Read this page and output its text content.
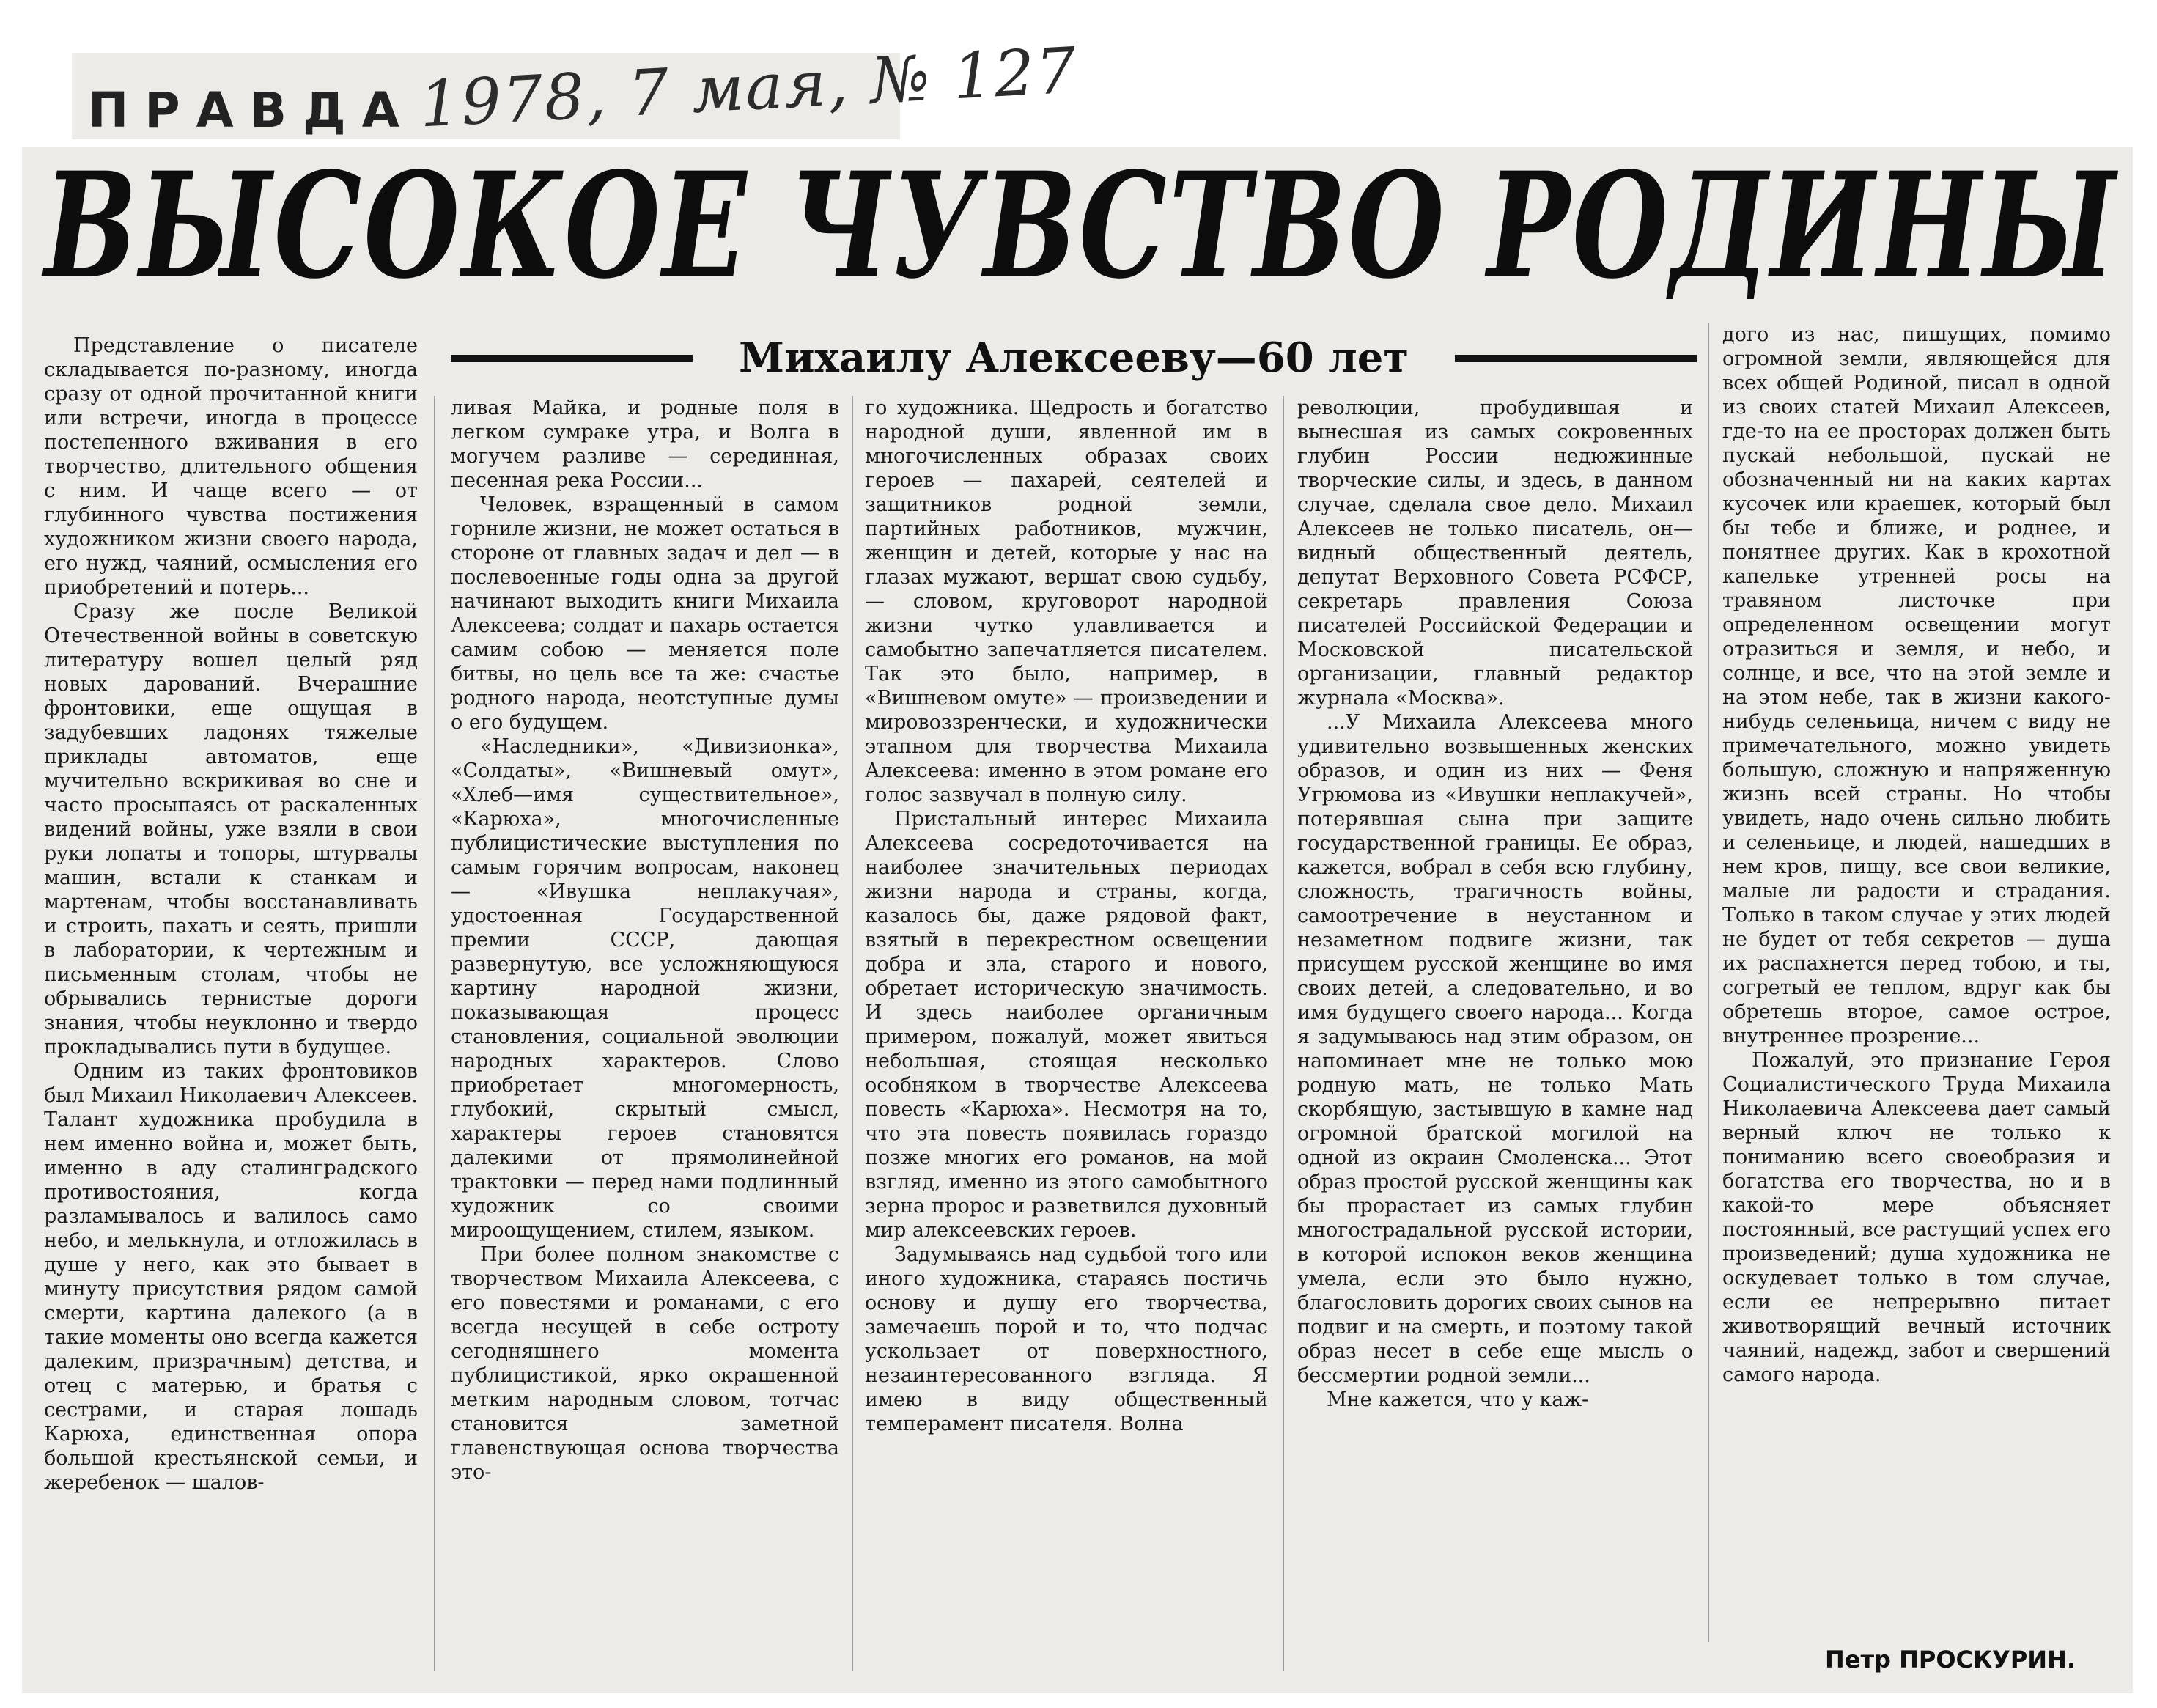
ПРАВДА 1978, 7 мая, № 127
ВЫСОКОЕ ЧУВСТВО РОДИНЫ
Михаилу Алексееву—60 лет

Представление о писателе складывается по-разному, иногда сразу от одной прочитанной книги или встречи, иногда в процессе постепенного вживания в его творчество, длительного общения с ним. И чаще всего — от глубинного чувства постижения художником жизни своего народа, его нужд, чаяний, осмысления его приобретений и потерь...

Сразу же после Великой Отечественной войны в советскую литературу вошел целый ряд новых дарований. Вчерашние фронтовики, еще ощущая в задубевших ладонях тяжелые приклады автоматов, еще мучительно вскрикивая во сне и часто просыпаясь от раскаленных видений войны, уже взяли в свои руки лопаты и топоры, штурвалы машин, встали к станкам и мартенам, чтобы восстанавливать и строить, пахать и сеять, пришли в лаборатории, к чертежным и письменным столам, чтобы не обрывались тернистые дороги знания, чтобы неуклонно и твердо прокладывались пути в будущее.

Одним из таких фронтовиков был Михаил Николаевич Алексеев. Талант художника пробудила в нем именно война и, может быть, именно в аду сталинградского противостояния, когда разламывалось и валилось само небо, и мелькнула, и отложилась в душе у него, как это бывает в минуту присутствия рядом самой смерти, картина далекого (а в такие моменты оно всегда кажется далеким, призрачным) детства, и отец с матерью, и братья с сестрами, и старая лошадь Карюха, единственная опора большой крестьянской семьи, и жеребенок — шалов-

ливая Майка, и родные поля в легком сумраке утра, и Волга в могучем разливе — серединная, песенная река России...

Человек, взращенный в самом горниле жизни, не может остаться в стороне от главных задач и дел — в послевоенные годы одна за другой начинают выходить книги Михаила Алексеева; солдат и пахарь остается самим собою — меняется поле битвы, но цель все та же: счастье родного народа, неотступные думы о его будущем.

«Наследники», «Дивизионка», «Солдаты», «Вишневый омут», «Хлеб—имя существительное», «Карюха», многочисленные публицистические выступления по самым горячим вопросам, наконец — «Ивушка неплакучая», удостоенная Государственной премии СССР, дающая развернутую, все усложняющуюся картину народной жизни, показывающая процесс становления, социальной эволюции народных характеров. Слово приобретает многомерность, глубокий, скрытый смысл, характеры героев становятся далекими от прямолинейной трактовки — перед нами подлинный художник со своими мироощущением, стилем, языком.

При более полном знакомстве с творчеством Михаила Алексеева, с его повестями и романами, с его всегда несущей в себе остроту сегодняшнего момента публицистикой, ярко окрашенной метким народным словом, тотчас становится заметной главенствующая основа творчества это-

го художника. Щедрость и богатство народной души, явленной им в многочисленных образах своих героев — пахарей, сеятелей и защитников родной земли, партийных работников, мужчин, женщин и детей, которые у нас на глазах мужают, вершат свою судьбу, — словом, круговорот народной жизни чутко улавливается и самобытно запечатляется писателем. Так это было, например, в «Вишневом омуте» — произведении и мировоззренчески, и художнически этапном для творчества Михаила Алексеева: именно в этом романе его голос зазвучал в полную силу.

Пристальный интерес Михаила Алексеева сосредоточивается на наиболее значительных периодах жизни народа и страны, когда, казалось бы, даже рядовой факт, взятый в перекрестном освещении добра и зла, старого и нового, обретает историческую значимость. И здесь наиболее органичным примером, пожалуй, может явиться небольшая, стоящая несколько особняком в творчестве Алексеева повесть «Карюха». Несмотря на то, что эта повесть появилась гораздо позже многих его романов, на мой взгляд, именно из этого самобытного зерна пророс и разветвился духовный мир алексеевских героев.

Задумываясь над судьбой того или иного художника, стараясь постичь основу и душу его творчества, замечаешь порой и то, что подчас ускользает от поверхностного, незаинтересованного взгляда. Я имею в виду общественный темперамент писателя. Волна

революции, пробудившая и вынесшая из самых сокровенных глубин России недюжинные творческие силы, и здесь, в данном случае, сделала свое дело. Михаил Алексеев не только писатель, он—видный общественный деятель, депутат Верховного Совета РСФСР, секретарь правления Союза писателей Российской Федерации и Московской писательской организации, главный редактор журнала «Москва».

...У Михаила Алексеева много удивительно возвышенных женских образов, и один из них — Феня Угрюмова из «Ивушки неплакучей», потерявшая сына при защите государственной границы. Ее образ, кажется, вобрал в себя всю глубину, сложность, трагичность войны, самоотречение в неустанном и незаметном подвиге жизни, так присущем русской женщине во имя своих детей, а следовательно, и во имя будущего своего народа... Когда я задумываюсь над этим образом, он напоминает мне не только мою родную мать, не только Мать скорбящую, застывшую в камне над огромной братской могилой на одной из окраин Смоленска... Этот образ простой русской женщины как бы прорастает из самых глубин многострадальной русской истории, в которой испокон веков женщина умела, если это было нужно, благословить дорогих своих сынов на подвиг и на смерть, и поэтому такой образ несет в себе еще мысль о бессмертии родной земли...

Мне кажется, что у каж-

дого из нас, пишущих, помимо огромной земли, являющейся для всех общей Родиной, писал в одной из своих статей Михаил Алексеев, где-то на ее просторах должен быть пускай небольшой, пускай не обозначенный ни на каких картах кусочек или краешек, который был бы тебе и ближе, и роднее, и понятнее других. Как в крохотной капельке утренней росы на травяном листочке при определенном освещении могут отразиться и земля, и небо, и солнце, и все, что на этой земле и на этом небе, так в жизни какого-нибудь селеньица, ничем с виду не примечательного, можно увидеть большую, сложную и напряженную жизнь всей страны. Но чтобы увидеть, надо очень сильно любить и селеньице, и людей, нашедших в нем кров, пищу, все свои великие, малые ли радости и страдания. Только в таком случае у этих людей не будет от тебя секретов — душа их распахнется перед тобою, и ты, согретый ее теплом, вдруг как бы обретешь второе, самое острое, внутреннее прозрение...

Пожалуй, это признание Героя Социалистического Труда Михаила Николаевича Алексеева дает самый верный ключ не только к пониманию всего своеобразия и богатства его творчества, но и в какой-то мере объясняет постоянный, все растущий успех его произведений; душа художника не оскудевает только в том случае, если ее непрерывно питает животворящий вечный источник чаяний, надежд, забот и свершений самого народа.

Петр ПРОСКУРИН.
